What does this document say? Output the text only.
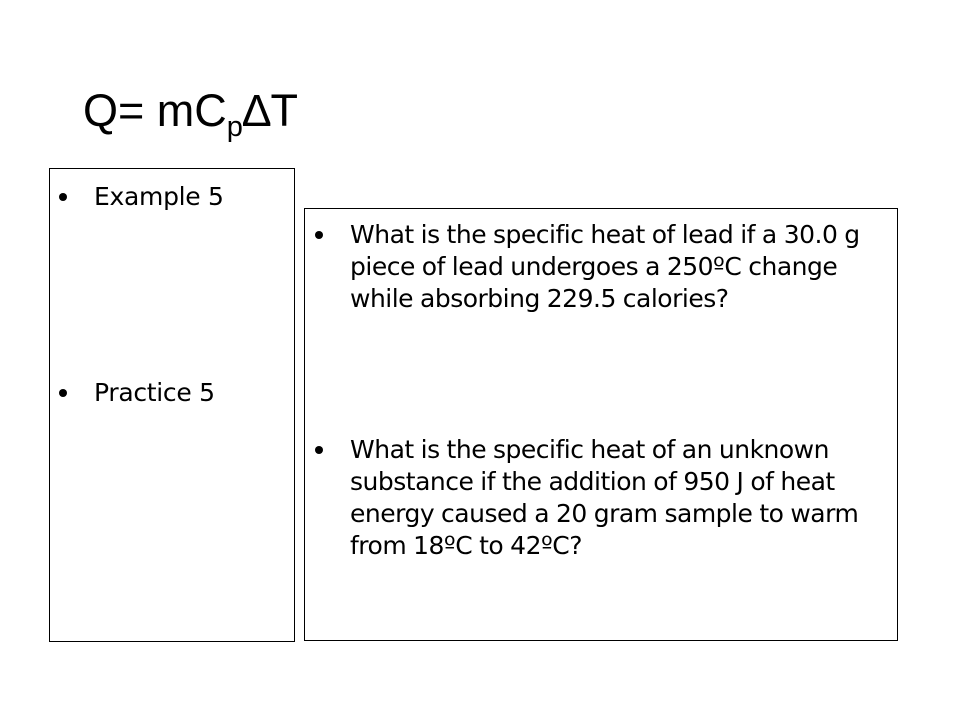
$Q= mC_p\Delta T$
Example 5
Practice 5
What is the specific heat of lead if a 30.0 g piece of lead undergoes a 250ºC change while absorbing 229.5 calories?
What is the specific heat of an unknown substance if the addition of 950 J of heat energy caused a 20 gram sample to warm from 18ºC to 42ºC?
